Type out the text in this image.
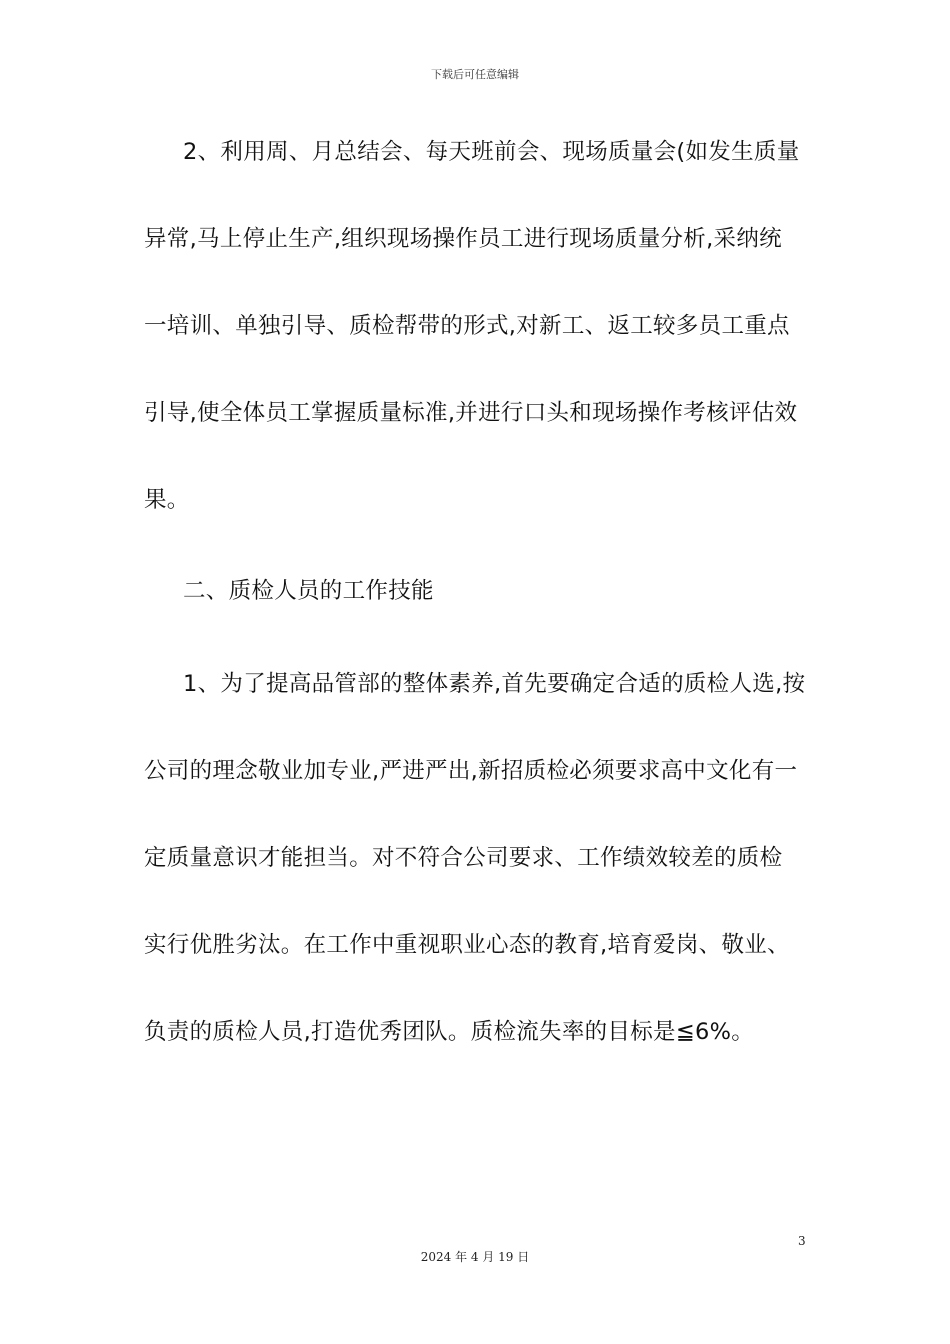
下载后可任意编辑
2、利用周、月总结会、每天班前会、现场质量会(如发生质量
异常,马上停止生产,组织现场操作员工进行现场质量分析,采纳统
一培训、单独引导、质检帮带的形式,对新工、返工较多员工重点
引导,使全体员工掌握质量标准,并进行口头和现场操作考核评估效
果。
二、质检人员的工作技能
1、为了提高品管部的整体素养,首先要确定合适的质检人选,按
公司的理念敬业加专业,严进严出,新招质检必须要求高中文化有一
定质量意识才能担当。对不符合公司要求、工作绩效较差的质检
实行优胜劣汰。在工作中重视职业心态的教育,培育爱岗、敬业、
负责的质检人员,打造优秀团队。质检流失率的目标是≦6%。
3
2024 年 4 月 19 日
